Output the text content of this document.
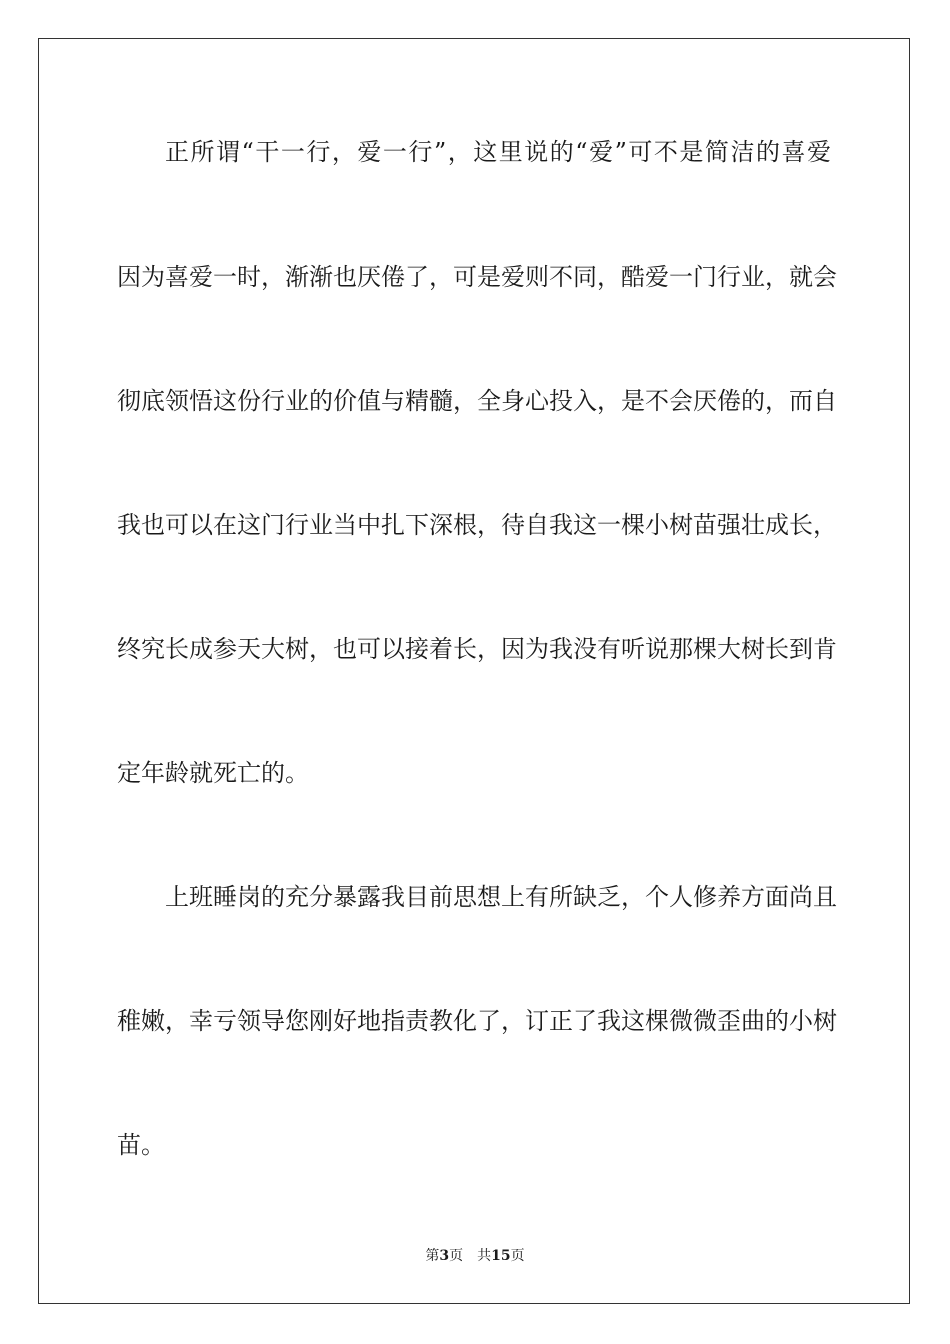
正所谓“干一行，爱一行”，这里说的“爱”可不是简洁的喜爱
因为喜爱一时，渐渐也厌倦了，可是爱则不同，酷爱一门行业，就会
彻底领悟这份行业的价值与精髓，全身心投入，是不会厌倦的，而自
我也可以在这门行业当中扎下深根，待自我这一棵小树苗强壮成长，
终究长成参天大树，也可以接着长，因为我没有听说那棵大树长到肯
定年龄就死亡的。
上班睡岗的充分暴露我目前思想上有所缺乏，个人修养方面尚且
稚嫩，幸亏领导您刚好地指责教化了，订正了我这棵微微歪曲的小树
苗。
第3页 共15页
